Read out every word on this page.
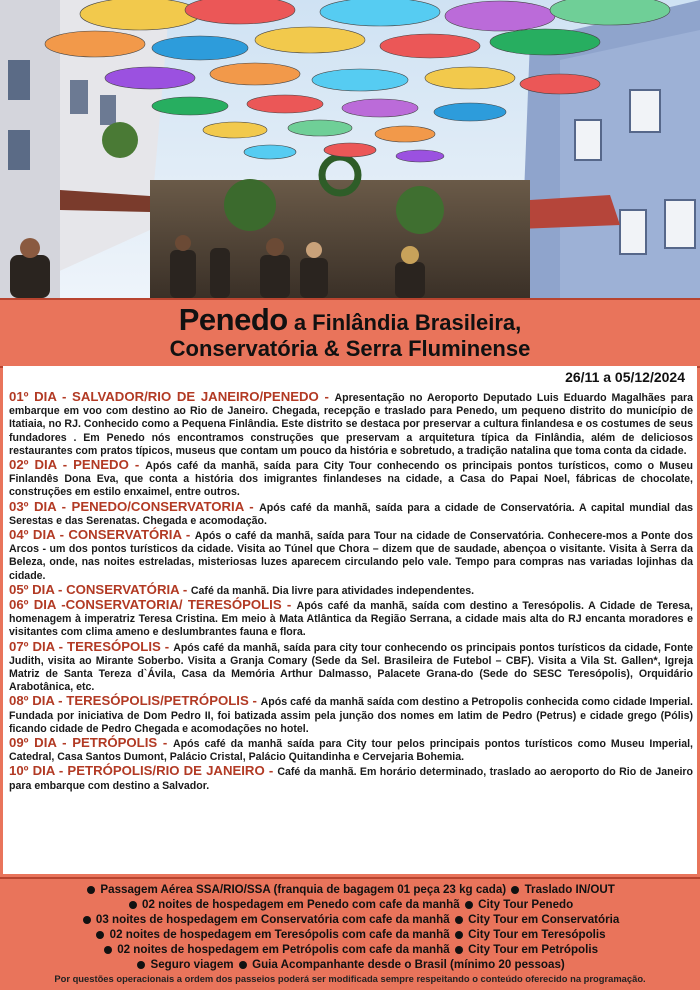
Penedo a Finlândia Brasileira,
Conservatória & Serra Fluminense
26/11 a 05/12/2024

01º DIA - SALVADOR/RIO DE JANEIRO/PENEDO - Apresentação no Aeroporto Deputado Luis Eduardo Magalhães para embarque em voo com destino ao Rio de Janeiro. Chegada, recepção e traslado para Penedo, um pequeno distrito do município de Itatiaia, no RJ. Conhecido como a Pequena Finlândia. Este distrito se destaca por preservar a cultura finlandesa e os costumes de seus fundadores . Em Penedo nós encontramos construções que preservam a arquitetura típica da Finlândia, além de deliciosos restaurantes com pratos típicos, museus que contam um pouco da história e sobretudo, a tradição natalina que toma conta da cidade.

02º DIA - PENEDO - Após café da manhã, saída para City Tour conhecendo os principais pontos turísticos, como o Museu Finlandês Dona Eva, que conta a história dos imigrantes finlandeses na cidade, a Casa do Papai Noel, fábricas de chocolate, construções em estilo enxaimel, entre outros.

03º DIA - PENEDO/CONSERVATORIA - Após café da manhã, saída para a cidade de Conservatória. A capital mundial das Serestas e das Serenatas. Chegada e acomodação.

04º DIA - CONSERVATÓRIA - Após o café da manhã, saída para Tour na cidade de Conservatória. Conhecere-mos a Ponte dos Arcos - um dos pontos turísticos da cidade. Visita ao Túnel que Chora – dizem que de saudade, abençoa o visitante. Visita à Serra da Beleza, onde, nas noites estreladas, misteriosas luzes aparecem circulando pelo vale. Tempo para compras nas variadas lojinhas da cidade.

05º DIA - CONSERVATÓRIA - Café da manhã. Dia livre para atividades independentes.

06º DIA -CONSERVATORIA/ TERESÓPOLIS - Após café da manhã, saída com destino a Teresópolis. A Cidade de Teresa, homenagem à imperatriz Teresa Cristina. Em meio à Mata Atlântica da Região Serrana, a cidade mais alta do RJ encanta moradores e visitantes com clima ameno e deslumbrantes fauna e flora.

07º DIA - TERESÓPOLIS - Após café da manhã, saída para city tour conhecendo os principais pontos turísticos da cidade, Fonte Judith, visita ao Mirante Soberbo. Visita a Granja Comary (Sede da Sel. Brasileira de Futebol – CBF). Visita a Vila St. Gallen*, Igreja Matriz de Santa Tereza d`Ávila, Casa da Memória Arthur Dalmasso, Palacete Grana-do (Sede do SESC Teresópolis), Orquidário Arabotânica, etc.

08º DIA - TERESÓPOLIS/PETRÓPOLIS - Após café da manhã saída com destino a Petropolis conhecida como cidade Imperial. Fundada por iniciativa de Dom Pedro II, foi batizada assim pela junção dos nomes em latim de Pedro (Petrus) e cidade grego (Pólis) ficando cidade de Pedro Chegada e acomodações no hotel.

09º DIA - PETRÓPOLIS - Após café da manhã saída para City tour pelos principais pontos turísticos como Museu Imperial, Catedral, Casa Santos Dumont, Palácio Cristal, Palácio Quitandinha e Cervejaria Bohemia.

10º DIA - PETRÓPOLIS/RIO DE JANEIRO - Café da manhã. Em horário determinado, traslado ao aeroporto do Rio de Janeiro para embarque com destino a Salvador.

Passagem Aérea SSA/RIO/SSA (franquia de bagagem 01 peça 23 kg cada) Traslado IN/OUT
02 noites de hospedagem em Penedo com cafe da manhã City Tour Penedo
03 noites de hospedagem em Conservatória com cafe da manhã City Tour em Conservatória
02 noites de hospedagem em Teresópolis com cafe da manhã City Tour em Teresópolis
02 noites de hospedagem em Petrópolis com cafe da manhã City Tour em Petrópolis
Seguro viagem Guia Acompanhante desde o Brasil (mínimo 20 pessoas)
Por questões operacionais a ordem dos passeios poderá ser modificada sempre respeitando o conteúdo oferecido na programação.
